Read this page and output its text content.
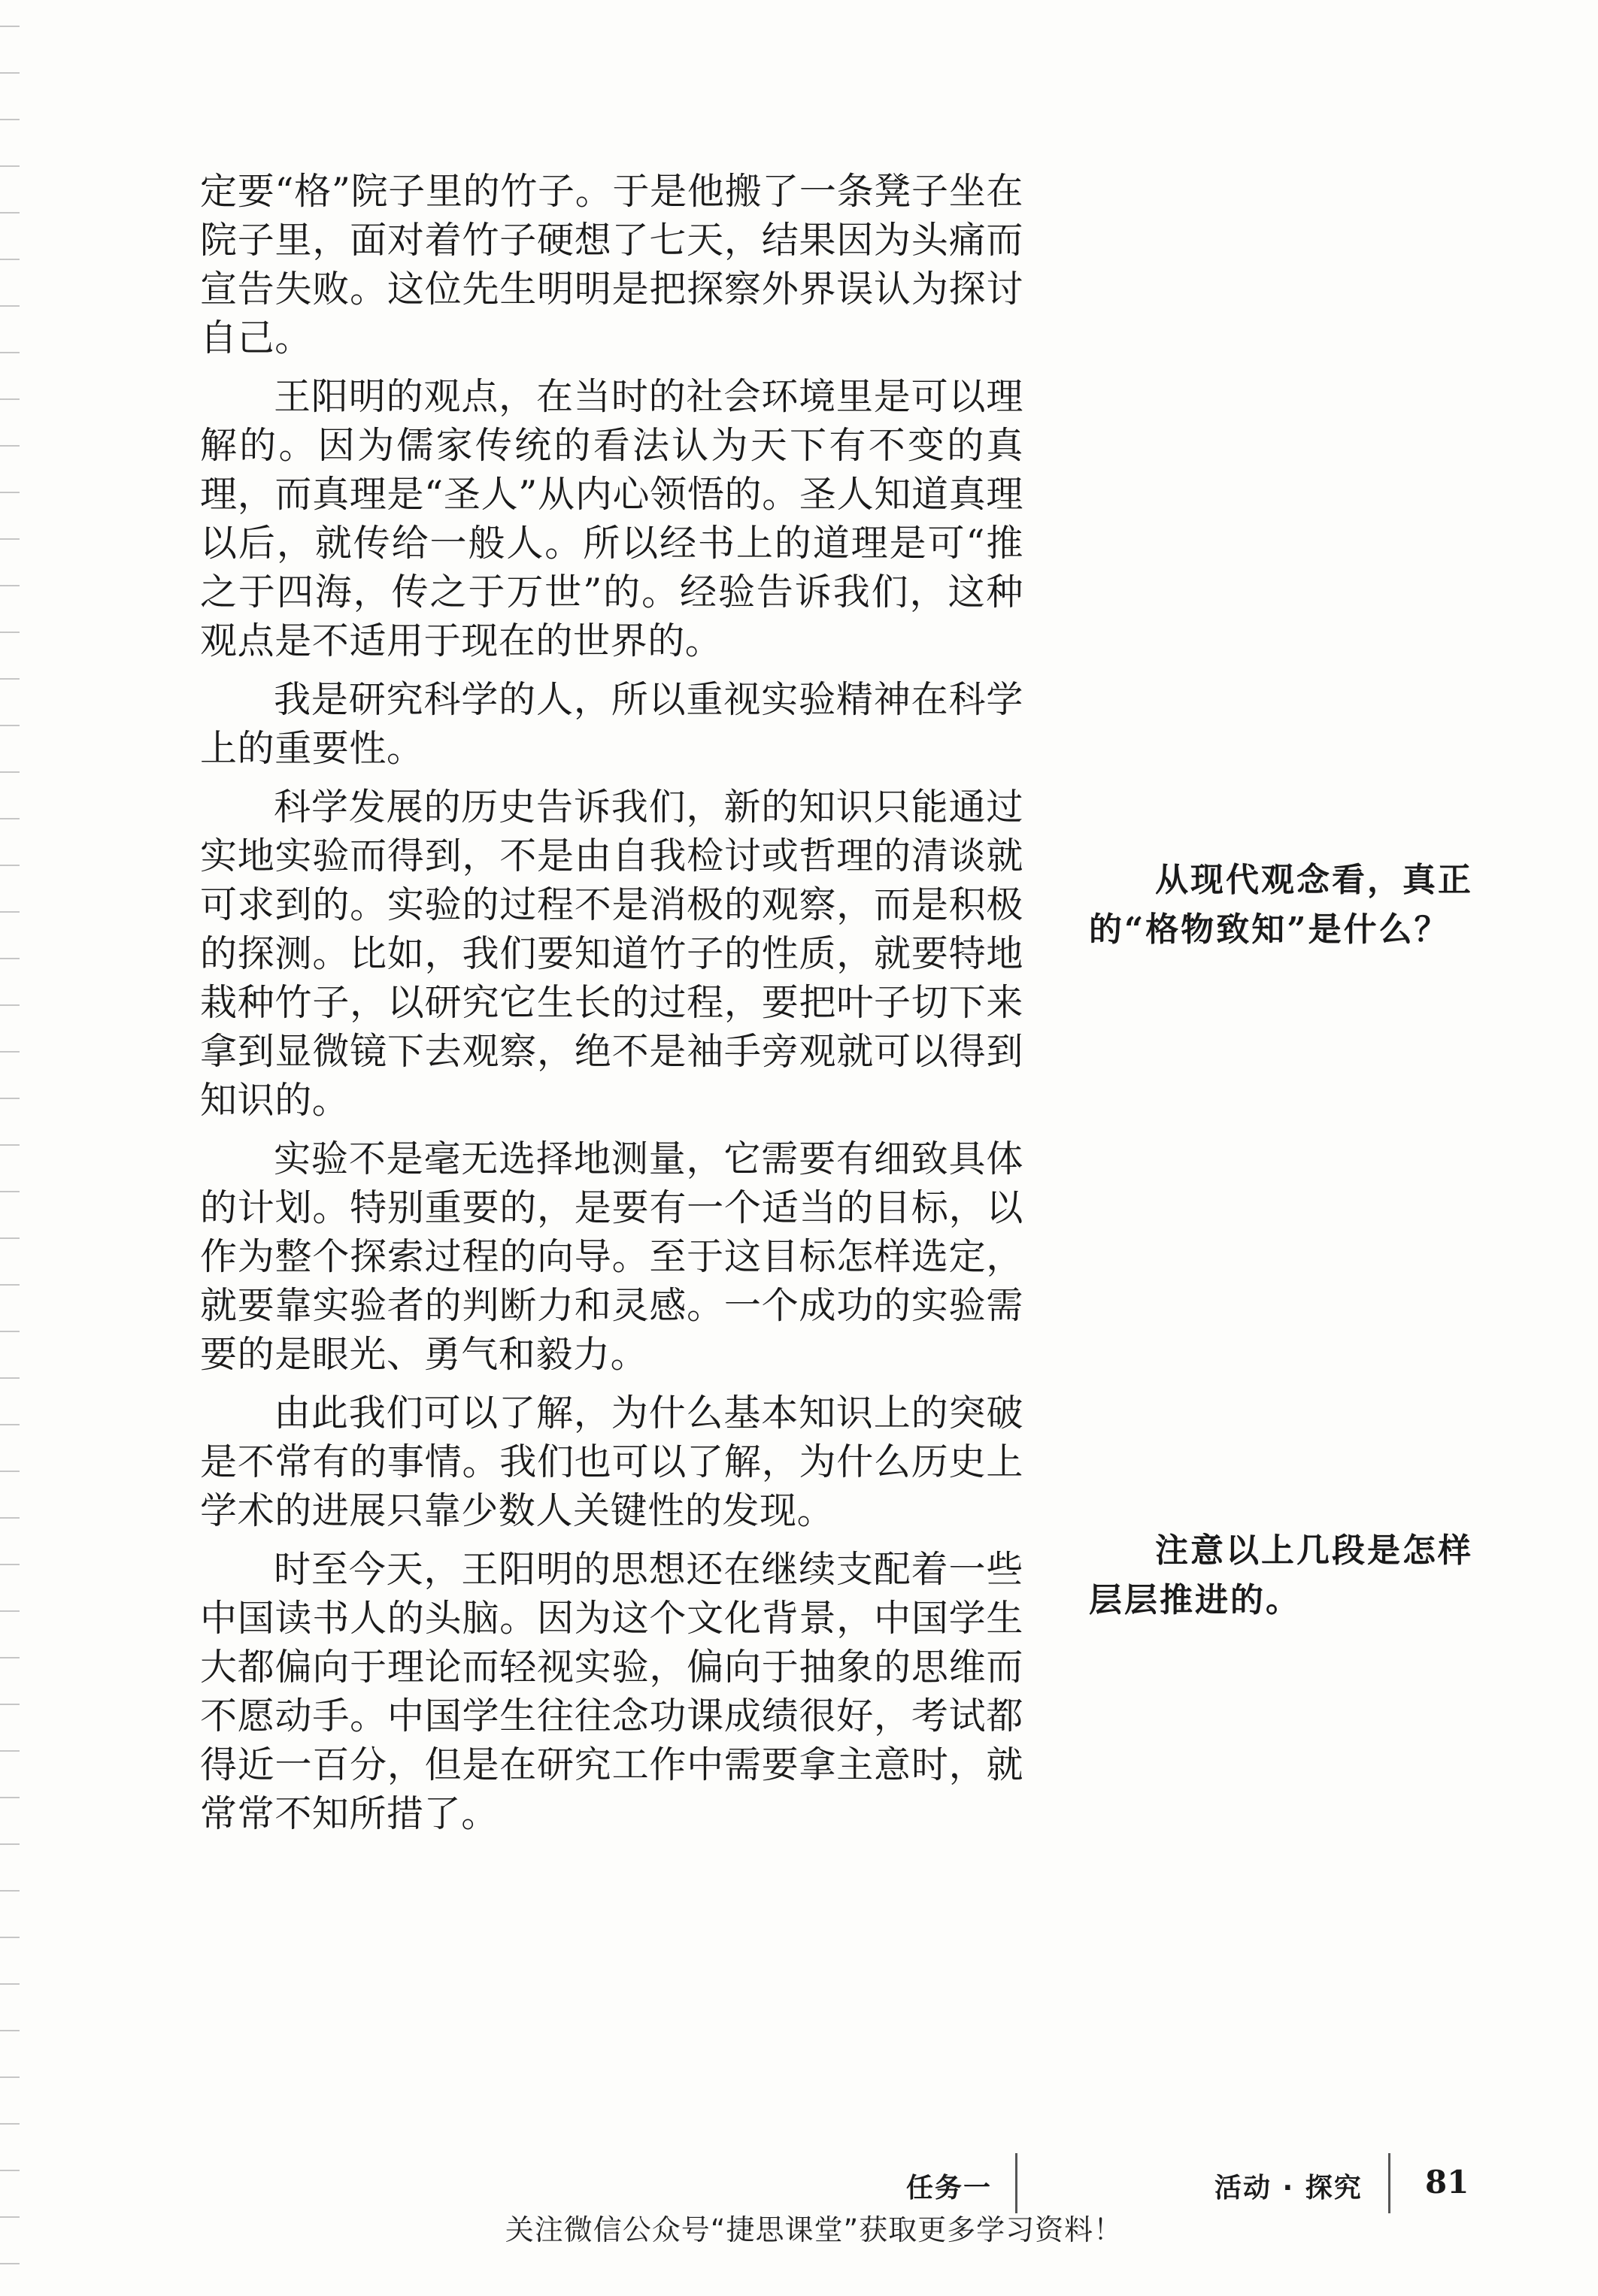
定要“格”院子里的竹子。于是他搬了一条凳子坐在院子里，面对着竹子硬想了七天，结果因为头痛而宣告失败。这位先生明明是把探察外界误认为探讨自己。

王阳明的观点，在当时的社会环境里是可以理解的。因为儒家传统的看法认为天下有不变的真理，而真理是“圣人”从内心领悟的。圣人知道真理以后，就传给一般人。所以经书上的道理是可“推之于四海，传之于万世”的。经验告诉我们，这种观点是不适用于现在的世界的。

我是研究科学的人，所以重视实验精神在科学上的重要性。

科学发展的历史告诉我们，新的知识只能通过实地实验而得到，不是由自我检讨或哲理的清谈就可求到的。实验的过程不是消极的观察，而是积极的探测。比如，我们要知道竹子的性质，就要特地栽种竹子，以研究它生长的过程，要把叶子切下来拿到显微镜下去观察，绝不是袖手旁观就可以得到知识的。

实验不是毫无选择地测量，它需要有细致具体的计划。特别重要的，是要有一个适当的目标，以作为整个探索过程的向导。至于这目标怎样选定，就要靠实验者的判断力和灵感。一个成功的实验需要的是眼光、勇气和毅力。

由此我们可以了解，为什么基本知识上的突破是不常有的事情。我们也可以了解，为什么历史上学术的进展只靠少数人关键性的发现。

时至今天，王阳明的思想还在继续支配着一些中国读书人的头脑。因为这个文化背景，中国学生大都偏向于理论而轻视实验，偏向于抽象的思维而不愿动手。中国学生往往念功课成绩很好，考试都得近一百分，但是在研究工作中需要拿主意时，就常常不知所措了。

从现代观念看，真正的“格物致知”是什么？

注意以上几段是怎样层层推进的。

任务一	活动 · 探究 81
关注微信公众号“捷思课堂”获取更多学习资料！
